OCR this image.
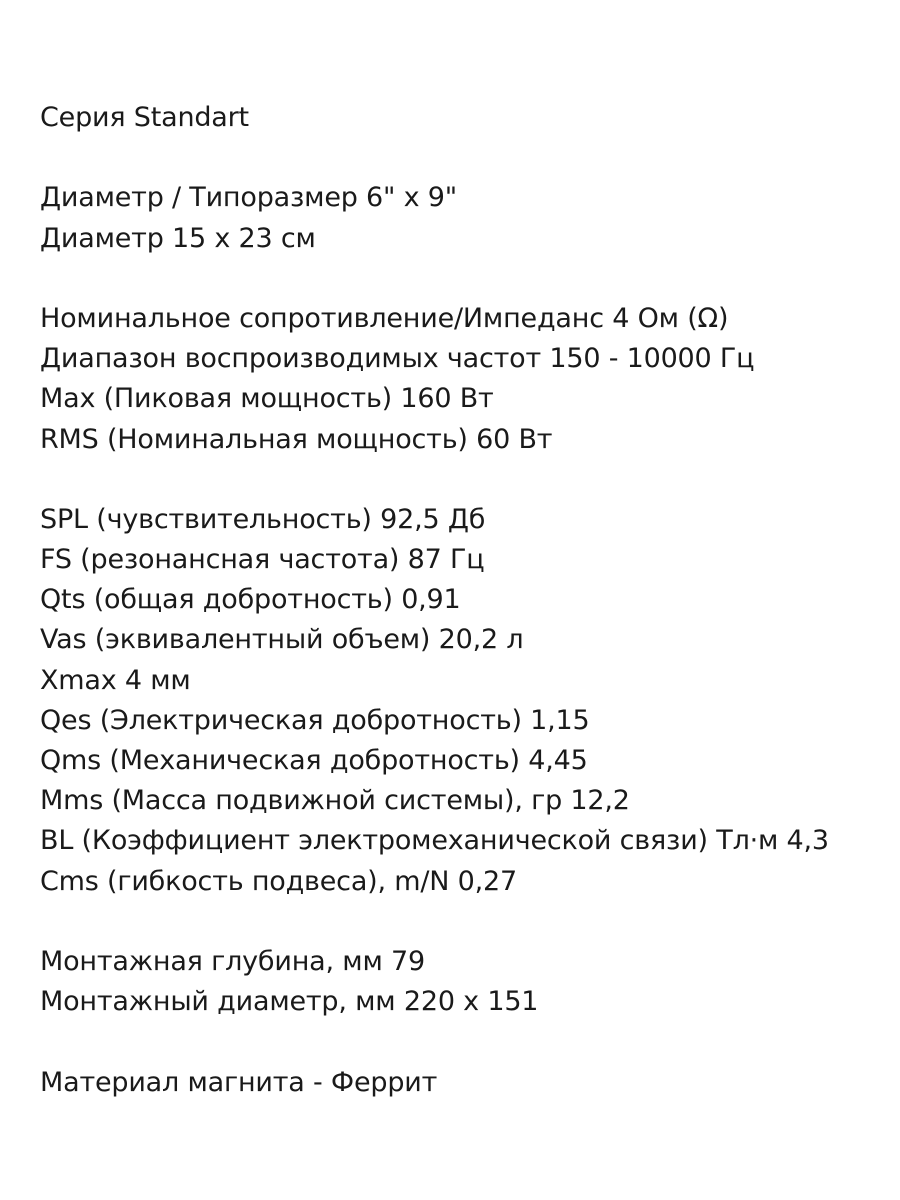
Серия Standart
Диаметр / Типоразмер 6" x 9"
Диаметр 15 x 23 см
Номинальное сопротивление/Импеданс 4 Ом (Ω)
Диапазон воспроизводимых частот 150 - 10000 Гц
Max (Пиковая мощность) 160 Вт
RMS (Номинальная мощность) 60 Вт
SPL (чувствительность) 92,5 Дб
FS (резонансная частота) 87 Гц
Qts (общая добротность) 0,91
Vas (эквивалентный объем) 20,2 л
Xmax 4 мм
Qes (Электрическая добротность) 1,15
Qms (Механическая добротность) 4,45
Mms (Масса подвижной системы), гр 12,2
BL (Коэффициент электромеханической связи) Тл·м 4,3
Cms (гибкость подвеса), m/N 0,27
Монтажная глубина, мм 79
Монтажный диаметр, мм 220 x 151
Материал магнита - Феррит
